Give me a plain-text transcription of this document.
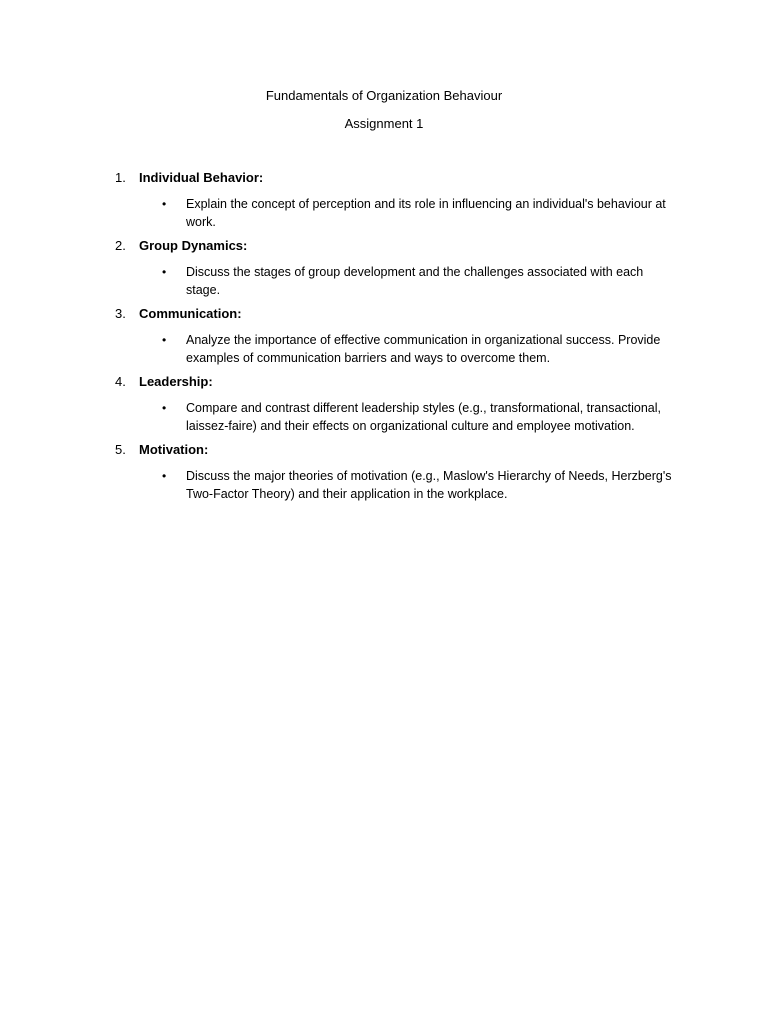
Fundamentals of Organization Behaviour
Assignment 1
1. Individual Behavior:
• Explain the concept of perception and its role in influencing an individual's behaviour at work.
2. Group Dynamics:
• Discuss the stages of group development and the challenges associated with each stage.
3. Communication:
• Analyze the importance of effective communication in organizational success. Provide examples of communication barriers and ways to overcome them.
4. Leadership:
• Compare and contrast different leadership styles (e.g., transformational, transactional, laissez-faire) and their effects on organizational culture and employee motivation.
5. Motivation:
• Discuss the major theories of motivation (e.g., Maslow's Hierarchy of Needs, Herzberg's Two-Factor Theory) and their application in the workplace.
